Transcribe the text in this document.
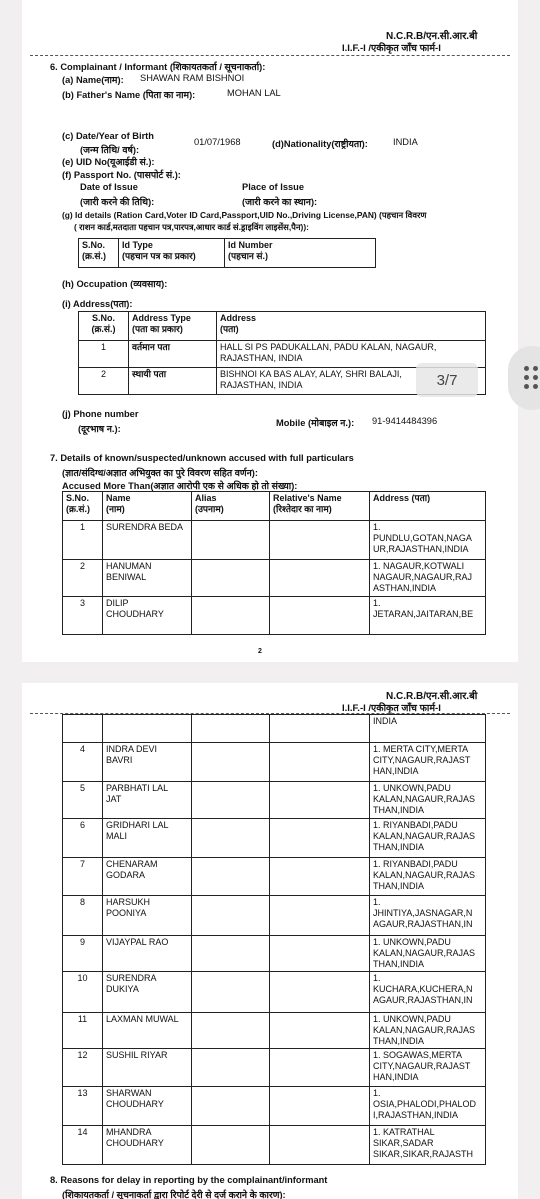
N.C.R.B/एन.सी.आर.बी
I.I.F.-I /एकीकृत जाँच फार्म-I
6. Complainant / Informant (शिकायतकर्ता / सूचनाकर्ता):
(a) Name(नाम): SHAWAN RAM BISHNOI
(b) Father's Name (पिता का नाम):	MOHAN LAL
(c) Date/Year of Birth
(जन्म तिथि/ वर्ष):
01/07/1968	(d)Nationality(राष्ट्रीयता):	INDIA
(e) UID No(यूआईडी सं.):
(f) Passport No. (पासपोर्ट सं.):
Date of Issue
(जारी करने की तिथि):
Place of Issue
(जारी करने का स्थान):
(g) Id details (Ration Card,Voter ID Card,Passport,UID No.,Driving License,PAN) (पहचान विवरण
( राशन कार्ड,मतदाता पहचान पत्र,पारपत्र,आधार कार्ड सं.ड्राइविंग लाइसेंस,पैन)):
S.No.
(क्र.सं.)	Id Type
(पहचान पत्र का प्रकार)	Id Number
(पहचान सं.)
(h) Occupation (व्यवसाय):
(i) Address(पता):
S.No.
(क्र.सं.)	Address Type
(पता का प्रकार)	Address
(पता)
1	वर्तमान पता	HALL SI PS PADUKALLAN, PADU KALAN, NAGAUR,
RAJASTHAN, INDIA
2	स्थायी पता	BISHNOI KA BAS ALAY, ALAY, SHRI BALAJI,
RAJASTHAN, INDIA
(j) Phone number
(दूरभाष न.):
Mobile (मोबाइल न.): 91-9414484396
7. Details of known/suspected/unknown accused with full particulars
(ज्ञात/संदिग्ध/अज्ञात अभियुक्त का पुरे विवरण सहित वर्णन):
Accused More Than(अज्ञात आरोपी एक से अधिक हो तो संख्या):
S.No.
(क्र.सं.)	Name
(नाम)	Alias
(उपनाम)	Relative's Name
(रिश्तेदार का नाम)	Address (पता)
1	SURENDRA BEDA			1.
PUNDLU,GOTAN,NAGA
UR,RAJASTHAN,INDIA
2	HANUMAN
BENIWAL			1. NAGAUR,KOTWALI
NAGAUR,NAGAUR,RAJ
ASTHAN,INDIA
3	DILIP
CHOUDHARY			1.
JETARAN,JAITARAN,BE
2
N.C.R.B/एन.सी.आर.बी
I.I.F.-I /एकीकृत जाँच फार्म-I
				INDIA
4	INDRA DEVI
BAVRI			1. MERTA CITY,MERTA
CITY,NAGAUR,RAJAST
HAN,INDIA
5	PARBHATI LAL
JAT			1. UNKOWN,PADU
KALAN,NAGAUR,RAJAS
THAN,INDIA
6	GRIDHARI LAL
MALI			1. RIYANBADI,PADU
KALAN,NAGAUR,RAJAS
THAN,INDIA
7	CHENARAM
GODARA			1. RIYANBADI,PADU
KALAN,NAGAUR,RAJAS
THAN,INDIA
8	HARSUKH
POONIYA			1.
JHINTIYA,JASNAGAR,N
AGAUR,RAJASTHAN,IN
9	VIJAYPAL RAO			1. UNKOWN,PADU
KALAN,NAGAUR,RAJAS
THAN,INDIA
10	SURENDRA
DUKIYA			1.
KUCHARA,KUCHERA,N
AGAUR,RAJASTHAN,IN
11	LAXMAN MUWAL			1. UNKOWN,PADU
KALAN,NAGAUR,RAJAS
THAN,INDIA
12	SUSHIL RIYAR			1. SOGAWAS,MERTA
CITY,NAGAUR,RAJAST
HAN,INDIA
13	SHARWAN
CHOUDHARY			1.
OSIA,PHALODI,PHALOD
I,RAJASTHAN,INDIA
14	MHANDRA
CHOUDHARY			1. KATRATHAL
SIKAR,SADAR
SIKAR,SIKAR,RAJASTH
8. Reasons for delay in reporting by the complainant/informant
(शिकायतकर्ता / सूचनाकर्ता द्वारा रिपोर्ट देरी से दर्ज कराने के कारण):
3/7
